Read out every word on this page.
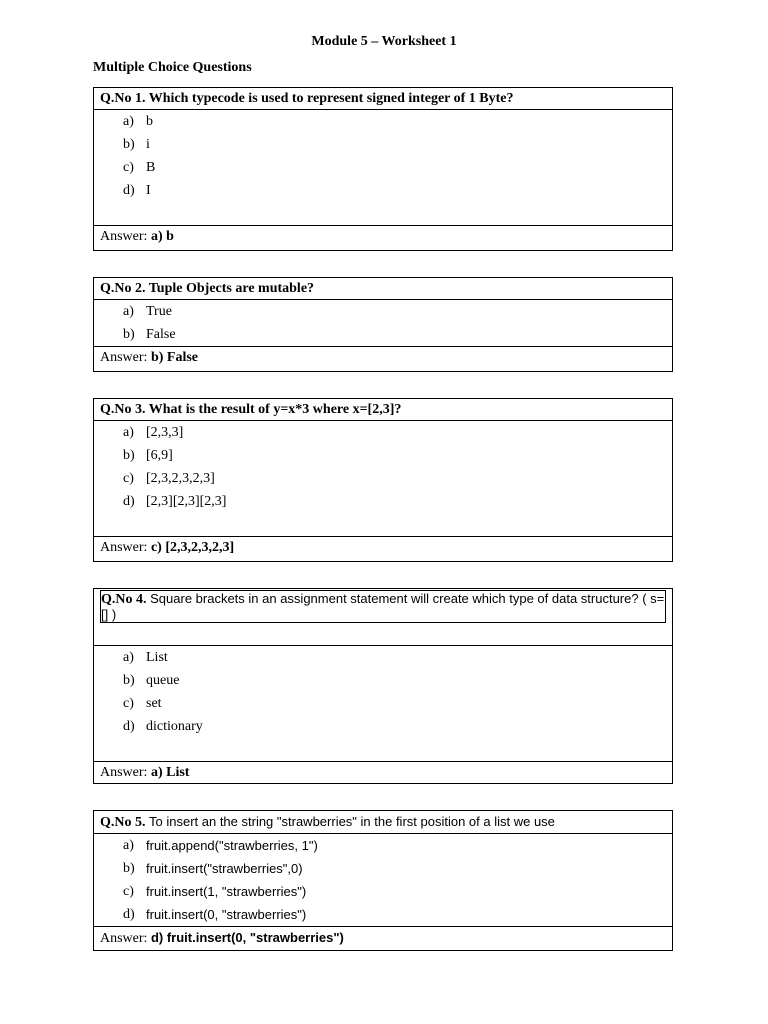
Module 5 – Worksheet 1
Multiple Choice Questions
Q.No 1. Which typecode is used to represent signed integer of 1 Byte?
a) b
b) i
c) B
d) I
Answer: a) b
Q.No 2. Tuple Objects are mutable?
a) True
b) False
Answer: b) False
Q.No 3. What is the result of y=x*3 where x=[2,3]?
a) [2,3,3]
b) [6,9]
c) [2,3,2,3,2,3]
d) [2,3][2,3][2,3]
Answer: c) [2,3,2,3,2,3]
Q.No 4. Square brackets in an assignment statement will create which type of data structure? ( s=[] )
a) List
b) queue
c) set
d) dictionary
Answer: a) List
Q.No 5. To insert an the string "strawberries" in the first position of a list we use
a) fruit.append("strawberries, 1")
b) fruit.insert("strawberries",0)
c) fruit.insert(1, "strawberries")
d) fruit.insert(0, "strawberries")
Answer: d) fruit.insert(0, "strawberries")
